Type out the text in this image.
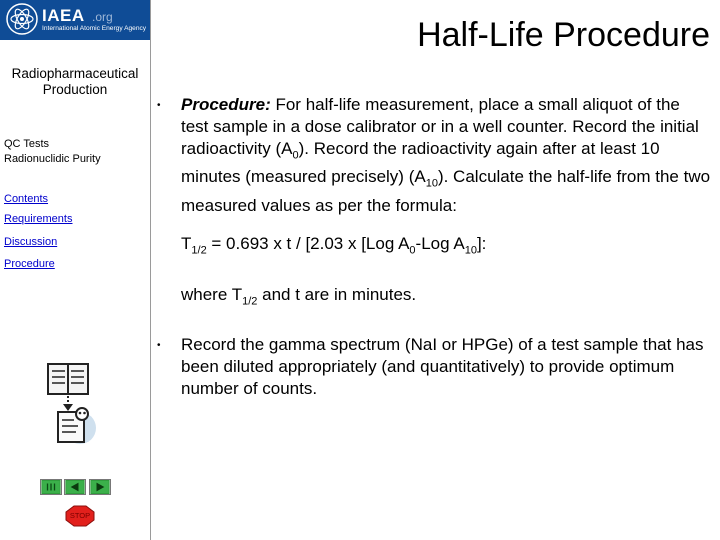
IAEA .org
International Atomic Energy Agency
Radiopharmaceutical Production
QC Tests
Radionuclidic Purity
Contents
Requirements
Discussion
Procedure
STOP
Half-Life Procedure
• Procedure: For half-life measurement, place a small aliquot of the test sample in a dose calibrator or in a well counter. Record the initial radioactivity $(A_0)$. Record the radioactivity again after at least 10 minutes (measured precisely) $(A_{10})$. Calculate the half-life from the two measured values as per the formula:
$T_{1/2} = 0.693$ x t / [2.03 x [Log $A_0$-Log $A_{10}$]:
where $T_{1/2}$ and t are in minutes.
• Record the gamma spectrum (NaI or HPGe) of a test sample that has been diluted appropriately (and quantitatively) to provide optimum number of counts.
